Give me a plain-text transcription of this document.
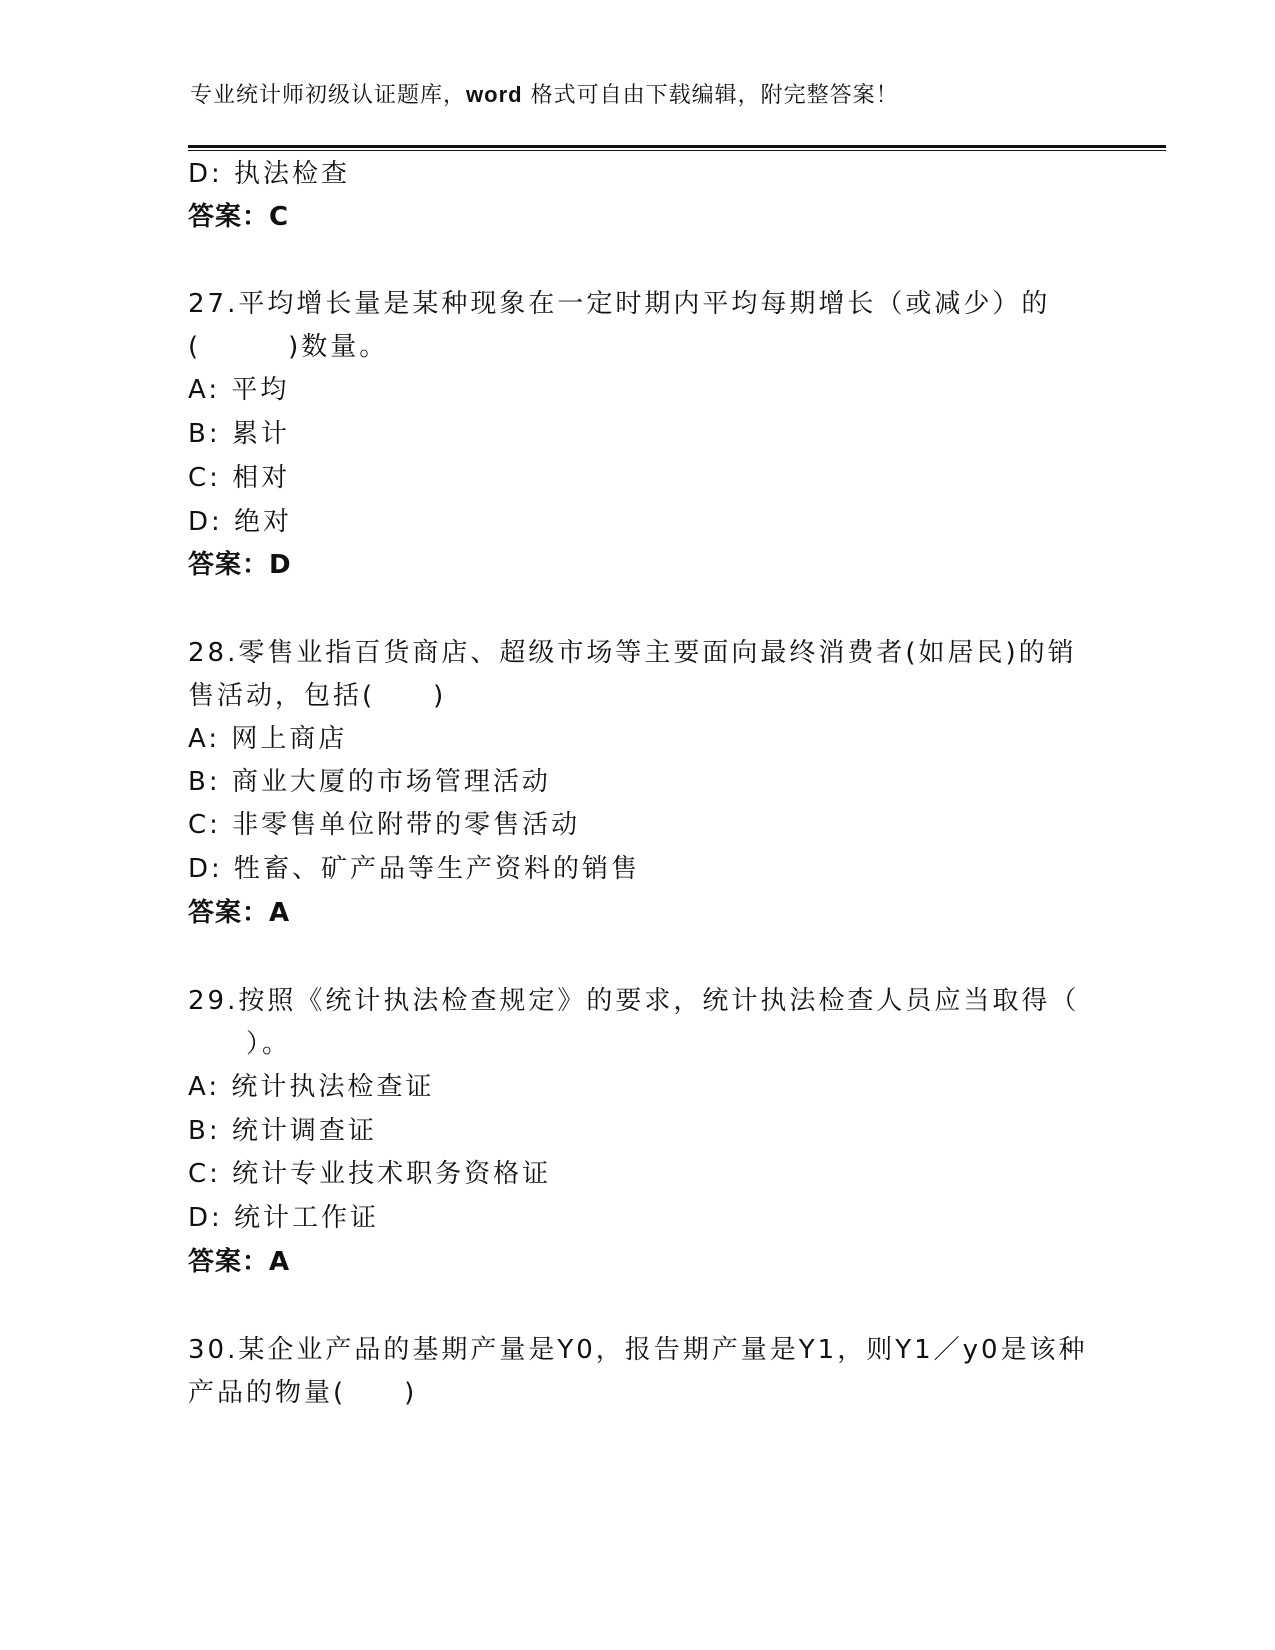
专业统计师初级认证题库，word 格式可自由下载编辑，附完整答案！
D: 执法检查
答案：C
27.平均增长量是某种现象在一定时期内平均每期增长（或减少）的
(　　　)数量。
A: 平均
B: 累计
C: 相对
D: 绝对
答案：D
28.零售业指百货商店、超级市场等主要面向最终消费者(如居民)的销
售活动，包括(　　)
A: 网上商店
B: 商业大厦的市场管理活动
C: 非零售单位附带的零售活动
D: 牲畜、矿产品等生产资料的销售
答案：A
29.按照《统计执法检查规定》的要求，统计执法检查人员应当取得（
　　）。
A: 统计执法检查证
B: 统计调查证
C: 统计专业技术职务资格证
D: 统计工作证
答案：A
30.某企业产品的基期产量是Y0，报告期产量是Y1，则Y1／y0是该种
产品的物量(　　)
